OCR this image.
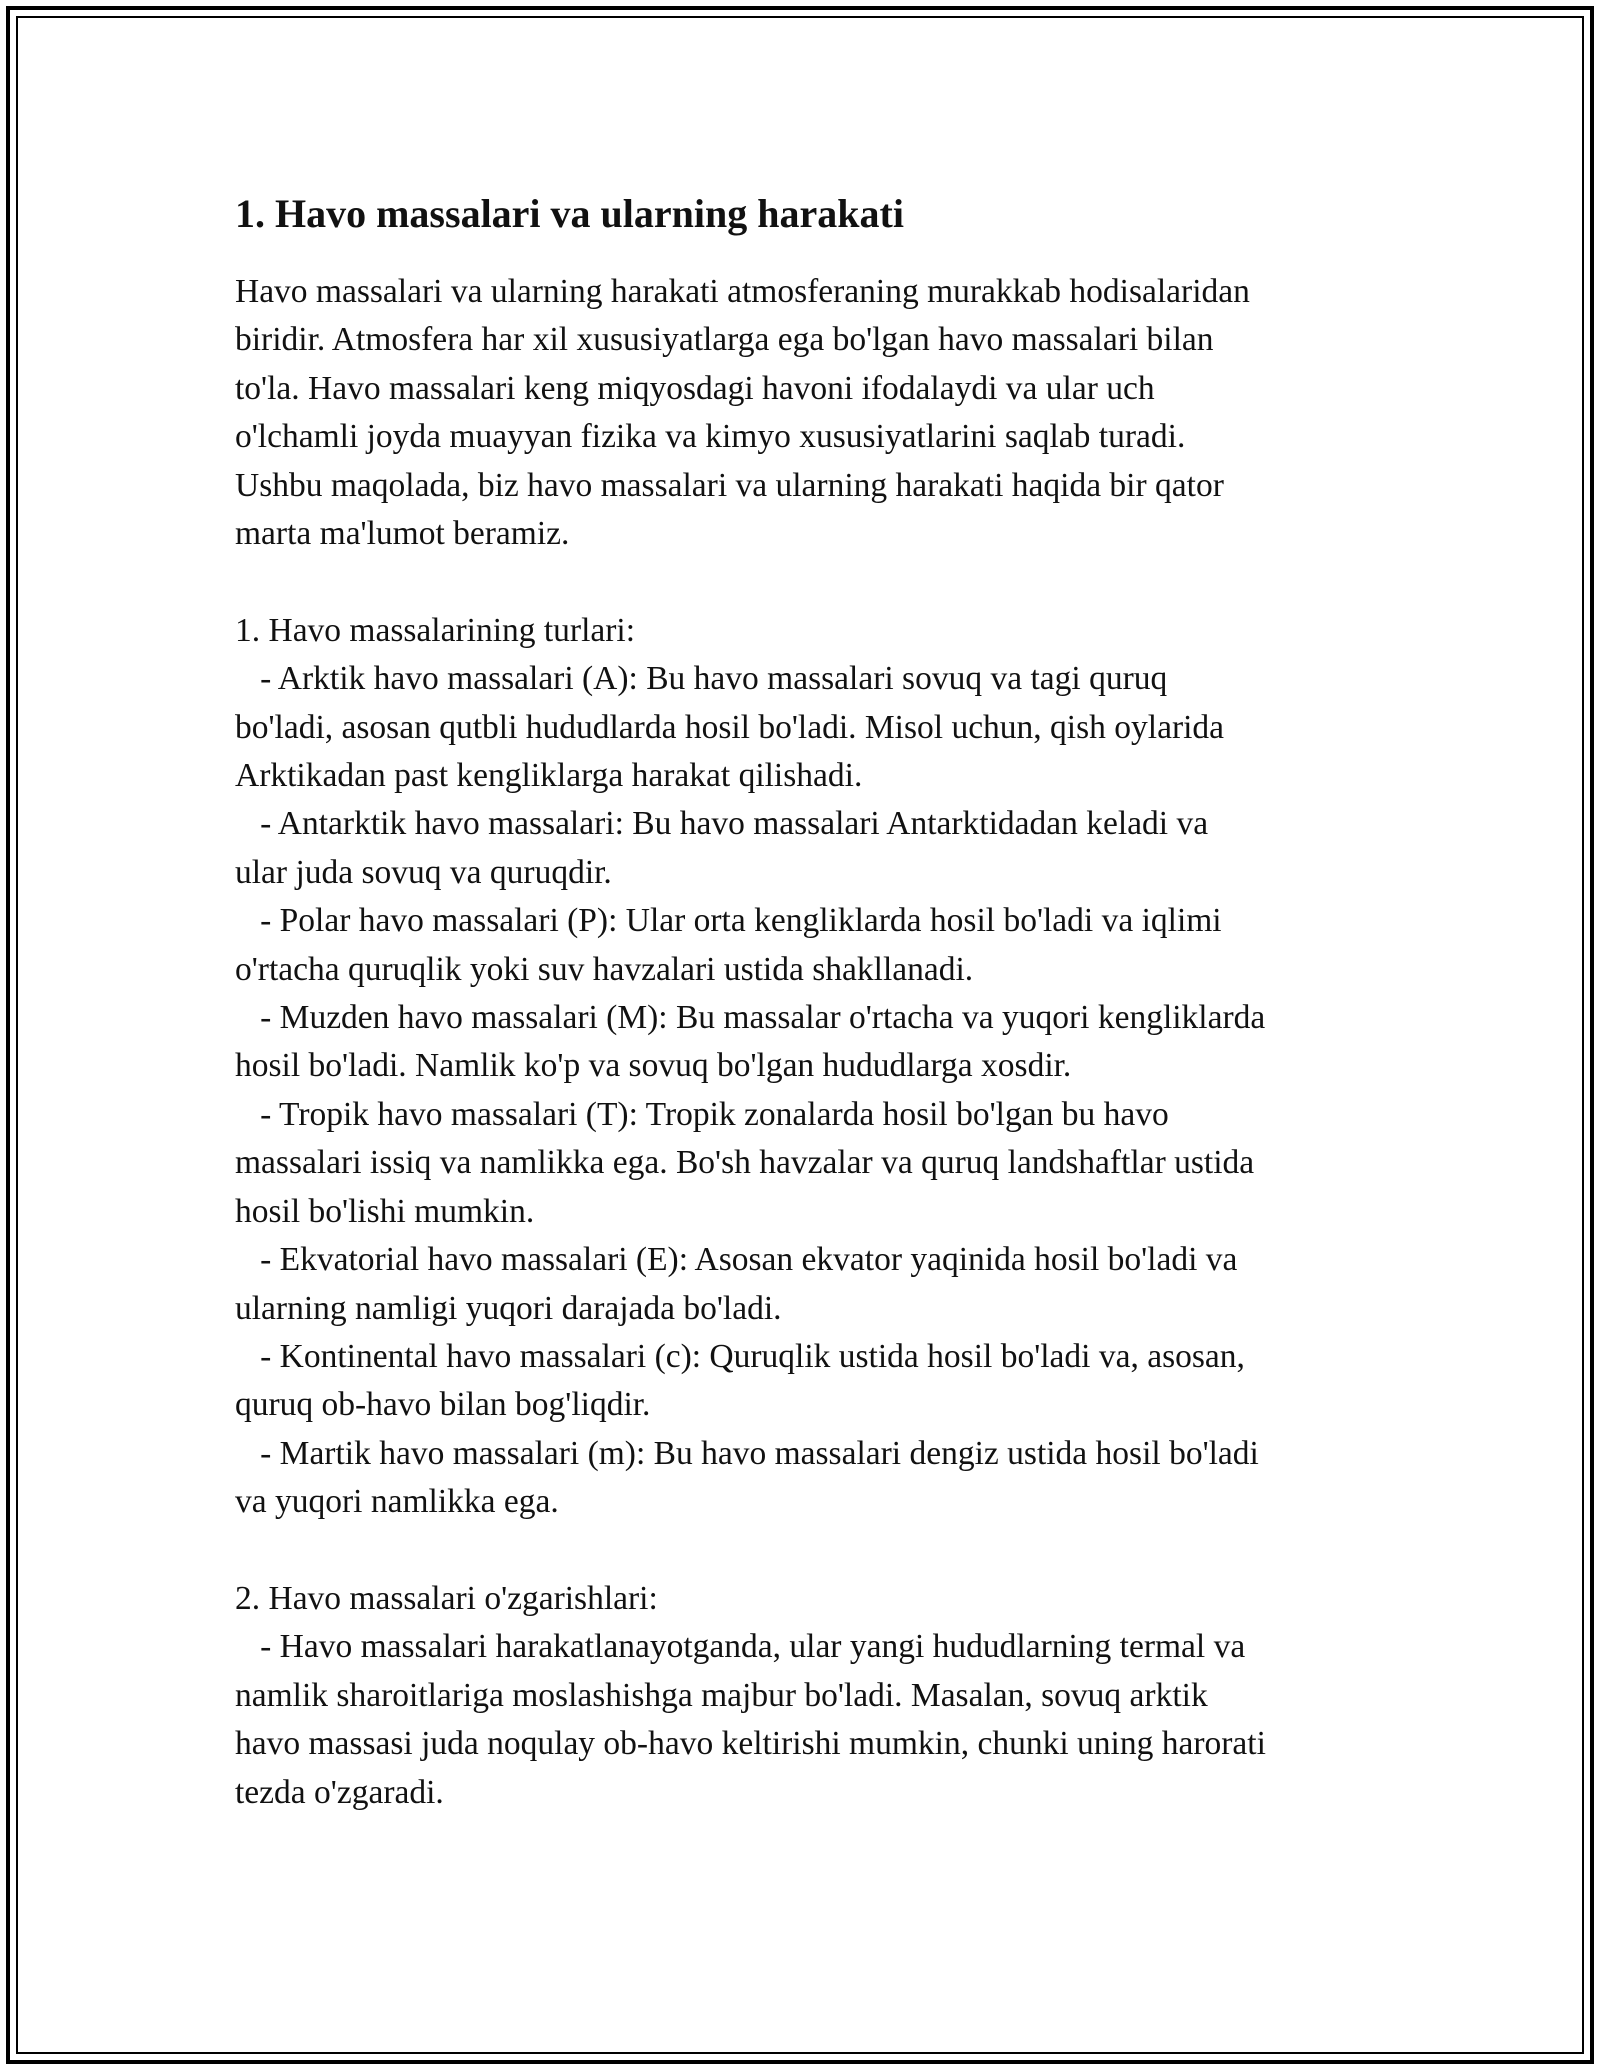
1. Havo massalari va ularning harakati
Havo massalari va ularning harakati atmosferaning murakkab hodisalaridan
biridir. Atmosfera har xil xususiyatlarga ega bo'lgan havo massalari bilan
to'la. Havo massalari keng miqyosdagi havoni ifodalaydi va ular uch
o'lchamli joyda muayyan fizika va kimyo xususiyatlarini saqlab turadi.
Ushbu maqolada, biz havo massalari va ularning harakati haqida bir qator
marta ma'lumot beramiz.
1. Havo massalarining turlari:
- Arktik havo massalari (A): Bu havo massalari sovuq va tagi quruq
bo'ladi, asosan qutbli hududlarda hosil bo'ladi. Misol uchun, qish oylarida
Arktikadan past kengliklarga harakat qilishadi.
- Antarktik havo massalari: Bu havo massalari Antarktidadan keladi va
ular juda sovuq va quruqdir.
- Polar havo massalari (P): Ular orta kengliklarda hosil bo'ladi va iqlimi
o'rtacha quruqlik yoki suv havzalari ustida shakllanadi.
- Muzden havo massalari (M): Bu massalar o'rtacha va yuqori kengliklarda
hosil bo'ladi. Namlik ko'p va sovuq bo'lgan hududlarga xosdir.
- Tropik havo massalari (T): Tropik zonalarda hosil bo'lgan bu havo
massalari issiq va namlikka ega. Bo'sh havzalar va quruq landshaftlar ustida
hosil bo'lishi mumkin.
- Ekvatorial havo massalari (E): Asosan ekvator yaqinida hosil bo'ladi va
ularning namligi yuqori darajada bo'ladi.
- Kontinental havo massalari (c): Quruqlik ustida hosil bo'ladi va, asosan,
quruq ob-havo bilan bog'liqdir.
- Martik havo massalari (m): Bu havo massalari dengiz ustida hosil bo'ladi
va yuqori namlikka ega.
2. Havo massalari o'zgarishlari:
- Havo massalari harakatlanayotganda, ular yangi hududlarning termal va
namlik sharoitlariga moslashishga majbur bo'ladi. Masalan, sovuq arktik
havo massasi juda noqulay ob-havo keltirishi mumkin, chunki uning harorati
tezda o'zgaradi.
